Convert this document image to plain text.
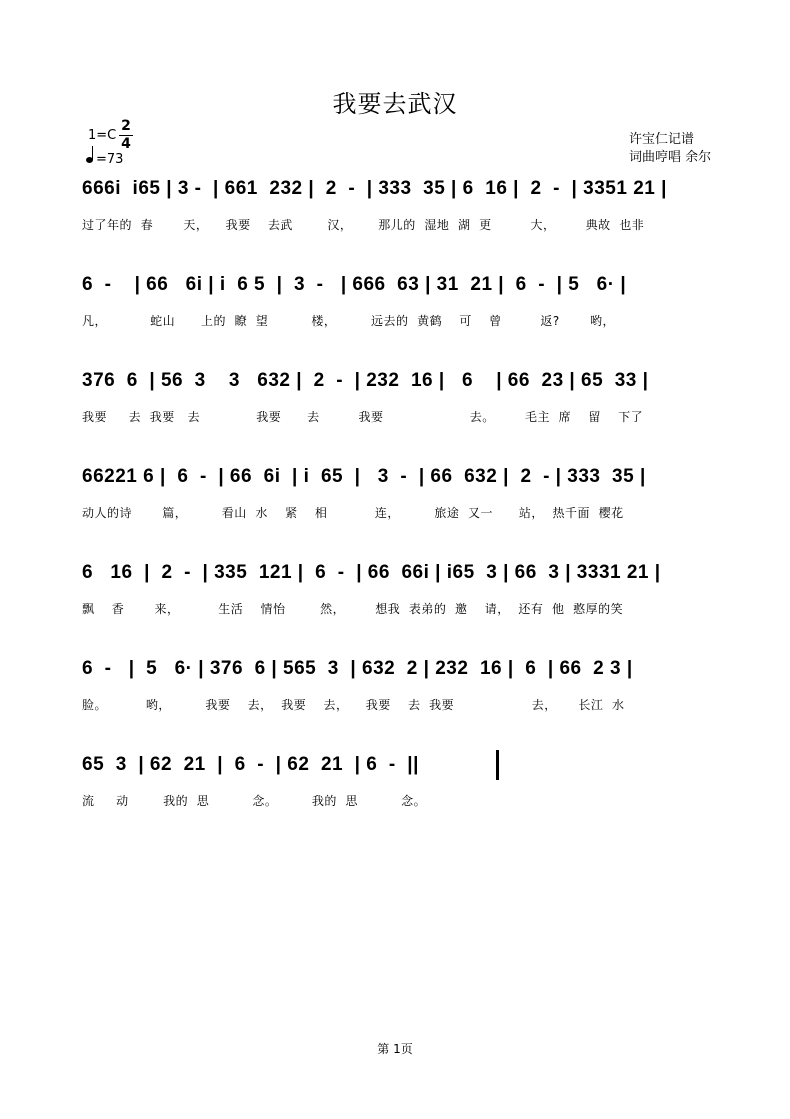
我要去武汉
1=C
2
4
=73
许宝仁记谱
词曲哼唱 余尔
666i  i65 | 3 -  | 661  232 |  2  -  | 333  35 | 6  16 |  2  -  | 3351 21 |
过了年的  春       天，    我要    去武        汉，      那儿的  湿地  湖  更         大，       典故  也非
6  -    | 66   6i | i  6 5  |  3  -   | 666  63 | 31  21 |  6  -  | 5   6· |
凡，          蛇山      上的  瞭  望          楼，        远去的  黄鹤    可    曾         返?       哟，
376  6  | 56  3    3   632 |  2  -  | 232  16 |   6    | 66  23 | 65  33 |
我要     去  我要   去             我要      去         我要                    去。       毛主  席    留    下了
66221 6 |  6  -  | 66  6i  | i  65  |   3  -  | 66  632 |  2  - | 333  35 |
动人的诗       篇，        看山  水    紧    相           连，        旅途  又一      站，  热千面  樱花
6   16  |  2  -  | 335  121 |  6  -  | 66  66i | i65  3 | 66  3 | 3331 21 |
飘    香       来，         生活    情怡        然，       想我  表弟的  邀    请，  还有  他  憨厚的笑
6  -   |  5   6· | 376  6 | 565  3  | 632  2 | 232  16 |  6  | 66  2 3 |
脸。         哟，        我要    去，  我要    去，    我要    去  我要                  去，     长江  水
65  3  | 62  21  |  6  -  | 62  21  | 6  -  ||
流     动        我的  思          念。        我的  思          念。
第 1页
